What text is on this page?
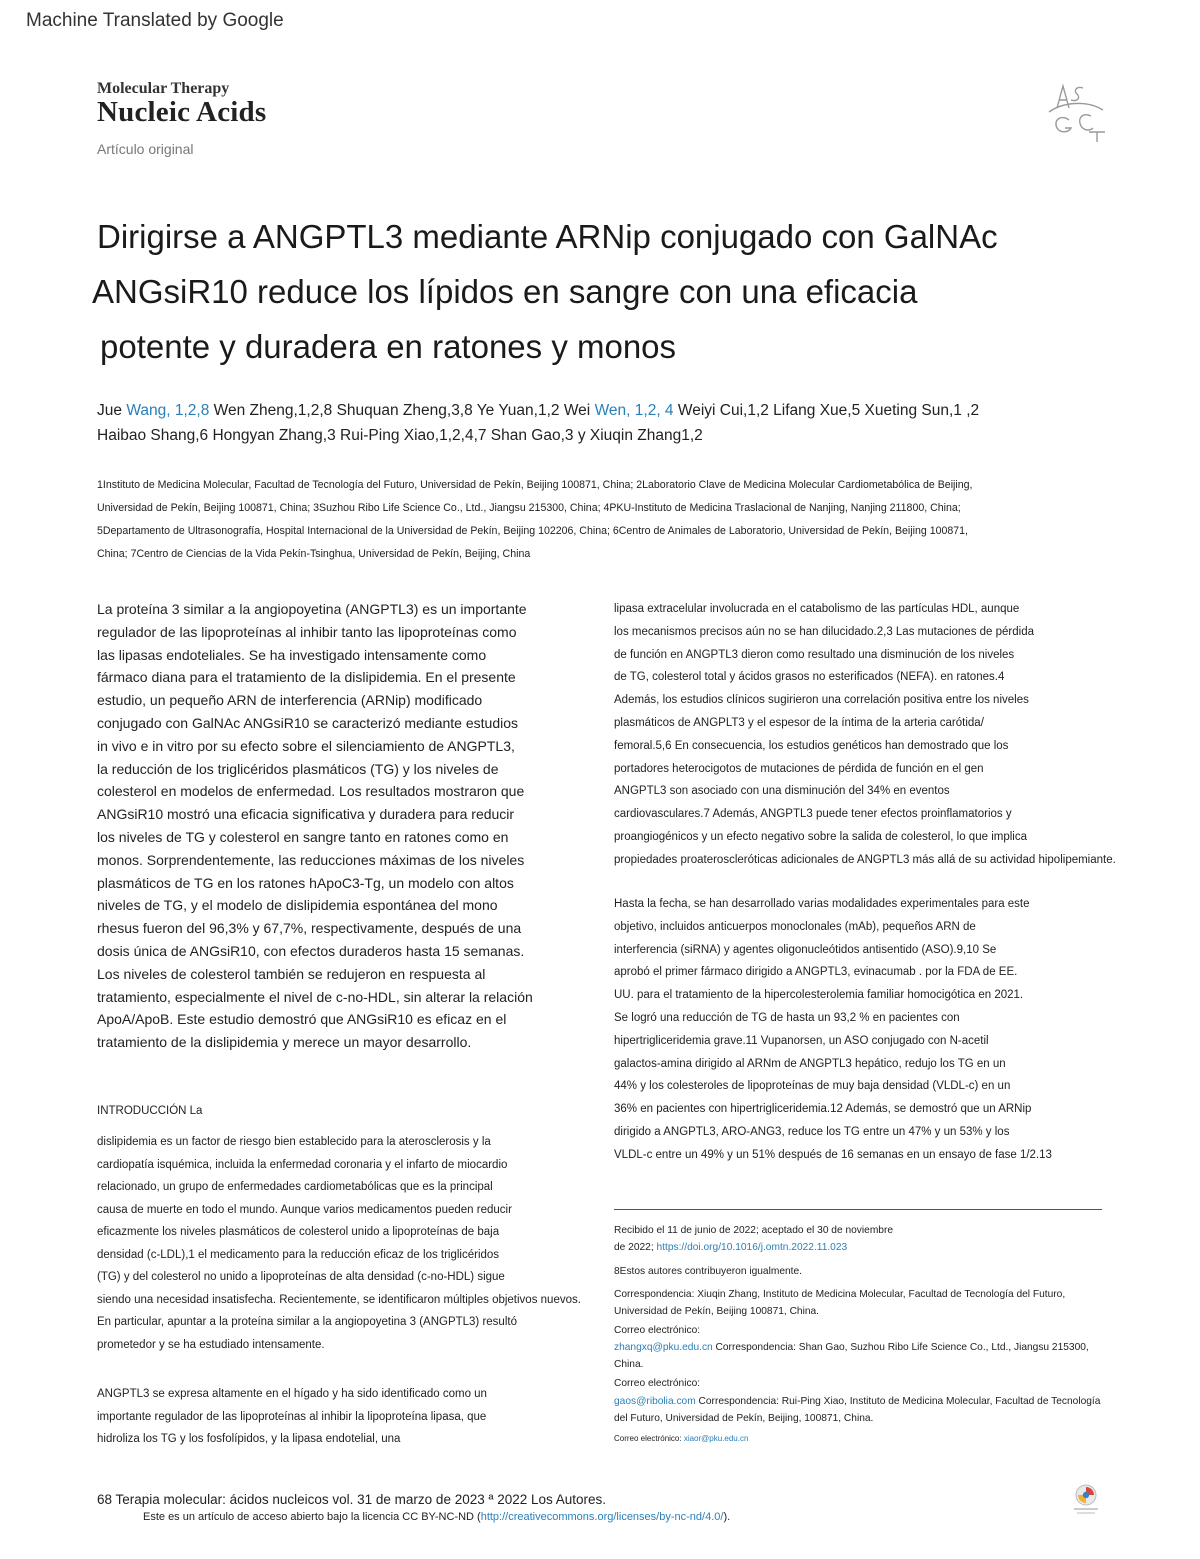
Machine Translated by Google
Molecular Therapy
Nucleic Acids
Artículo original
Dirigirse a ANGPTL3 mediante ARNip conjugado con GalNAc
ANGsiR10 reduce los lípidos en sangre con una eficacia
potente y duradera en ratones y monos
Jue Wang, 1,2,8 Wen Zheng,1,2,8 Shuquan Zheng,3,8 Ye Yuan,1,2 Wei Wen, 1,2, 4 Weiyi Cui,1,2 Lifang Xue,5 Xueting Sun,1 ,2
Haibao Shang,6 Hongyan Zhang,3 Rui-Ping Xiao,1,2,4,7 Shan Gao,3 y Xiuqin Zhang1,2
1Instituto de Medicina Molecular, Facultad de Tecnología del Futuro, Universidad de Pekín, Beijing 100871, China; 2Laboratorio Clave de Medicina Molecular Cardiometabólica de Beijing,
Universidad de Pekín, Beijing 100871, China; 3Suzhou Ribo Life Science Co., Ltd., Jiangsu 215300, China; 4PKU-Instituto de Medicina Traslacional de Nanjing, Nanjing 211800, China;
5Departamento de Ultrasonografía, Hospital Internacional de la Universidad de Pekín, Beijing 102206, China; 6Centro de Animales de Laboratorio, Universidad de Pekín, Beijing 100871,
China; 7Centro de Ciencias de la Vida Pekín-Tsinghua, Universidad de Pekín, Beijing, China
La proteína 3 similar a la angiopoyetina (ANGPTL3) es un importante
regulador de las lipoproteínas al inhibir tanto las lipoproteínas como
las lipasas endoteliales. Se ha investigado intensamente como
fármaco diana para el tratamiento de la dislipidemia. En el presente
estudio, un pequeño ARN de interferencia (ARNip) modificado
conjugado con GalNAc ANGsiR10 se caracterizó mediante estudios
in vivo e in vitro por su efecto sobre el silenciamiento de ANGPTL3,
la reducción de los triglicéridos plasmáticos (TG) y los niveles de
colesterol en modelos de enfermedad. Los resultados mostraron que
ANGsiR10 mostró una eficacia significativa y duradera para reducir
los niveles de TG y colesterol en sangre tanto en ratones como en
monos. Sorprendentemente, las reducciones máximas de los niveles
plasmáticos de TG en los ratones hApoC3-Tg, un modelo con altos
niveles de TG, y el modelo de dislipidemia espontánea del mono
rhesus fueron del 96,3% y 67,7%, respectivamente, después de una
dosis única de ANGsiR10, con efectos duraderos hasta 15 semanas.
Los niveles de colesterol también se redujeron en respuesta al
tratamiento, especialmente el nivel de c-no-HDL, sin alterar la relación
ApoA/ApoB. Este estudio demostró que ANGsiR10 es eficaz en el
tratamiento de la dislipidemia y merece un mayor desarrollo.
INTRODUCCIÓN La
dislipidemia es un factor de riesgo bien establecido para la aterosclerosis y la
cardiopatía isquémica, incluida la enfermedad coronaria y el infarto de miocardio
relacionado, un grupo de enfermedades cardiometabólicas que es la principal
causa de muerte en todo el mundo. Aunque varios medicamentos pueden reducir
eficazmente los niveles plasmáticos de colesterol unido a lipoproteínas de baja
densidad (c-LDL),1 el medicamento para la reducción eficaz de los triglicéridos
(TG) y del colesterol no unido a lipoproteínas de alta densidad (c-no-HDL) sigue
siendo una necesidad insatisfecha. Recientemente, se identificaron múltiples objetivos nuevos.
En particular, apuntar a la proteína similar a la angiopoyetina 3 (ANGPTL3) resultó
prometedor y se ha estudiado intensamente.
ANGPTL3 se expresa altamente en el hígado y ha sido identificado como un
importante regulador de las lipoproteínas al inhibir la lipoproteína lipasa, que
hidroliza los TG y los fosfolípidos, y la lipasa endotelial, una
lipasa extracelular involucrada en el catabolismo de las partículas HDL, aunque
los mecanismos precisos aún no se han dilucidado.2,3 Las mutaciones de pérdida
de función en ANGPTL3 dieron como resultado una disminución de los niveles
de TG, colesterol total y ácidos grasos no esterificados (NEFA). en ratones.4
Además, los estudios clínicos sugirieron una correlación positiva entre los niveles
plasmáticos de ANGPLT3 y el espesor de la íntima de la arteria carótida/
femoral.5,6 En consecuencia, los estudios genéticos han demostrado que los
portadores heterocigotos de mutaciones de pérdida de función en el gen
ANGPTL3 son asociado con una disminución del 34% en eventos
cardiovasculares.7 Además, ANGPTL3 puede tener efectos proinflamatorios y
proangiogénicos y un efecto negativo sobre la salida de colesterol, lo que implica
propiedades proateroscleróticas adicionales de ANGPTL3 más allá de su actividad hipolipemiante.
Hasta la fecha, se han desarrollado varias modalidades experimentales para este
objetivo, incluidos anticuerpos monoclonales (mAb), pequeños ARN de
interferencia (siRNA) y agentes oligonucleótidos antisentido (ASO).9,10 Se
aprobó el primer fármaco dirigido a ANGPTL3, evinacumab . por la FDA de EE.
UU. para el tratamiento de la hipercolesterolemia familiar homocigótica en 2021.
Se logró una reducción de TG de hasta un 93,2 % en pacientes con
hipertrigliceridemia grave.11 Vupanorsen, un ASO conjugado con N-acetil
galactos-amina dirigido al ARNm de ANGPTL3 hepático, redujo los TG en un
44% y los colesteroles de lipoproteínas de muy baja densidad (VLDL-c) en un
36% en pacientes con hipertrigliceridemia.12 Además, se demostró que un ARNip
dirigido a ANGPTL3, ARO-ANG3, reduce los TG entre un 47% y un 53% y los
VLDL-c entre un 49% y un 51% después de 16 semanas en un ensayo de fase 1/2.13
Recibido el 11 de junio de 2022; aceptado el 30 de noviembre
de 2022; https://doi.org/10.1016/j.omtn.2022.11.023
8Estos autores contribuyeron igualmente.
Correspondencia: Xiuqin Zhang, Instituto de Medicina Molecular, Facultad de Tecnología del Futuro, Universidad de Pekín, Beijing 100871, China.
Correo electrónico:
zhangxq@pku.edu.cn Correspondencia: Shan Gao, Suzhou Ribo Life Science Co., Ltd., Jiangsu 215300, China.
Correo electrónico:
gaos@ribolia.com Correspondencia: Rui-Ping Xiao, Instituto de Medicina Molecular, Facultad de Tecnología del Futuro, Universidad de Pekín, Beijing, 100871, China.
Correo electrónico: xiaor@pku.edu.cn
68 Terapia molecular: ácidos nucleicos vol. 31 de marzo de 2023 ª 2022 Los Autores.
Este es un artículo de acceso abierto bajo la licencia CC BY-NC-ND (http://creativecommons.org/licenses/by-nc-nd/4.0/).
